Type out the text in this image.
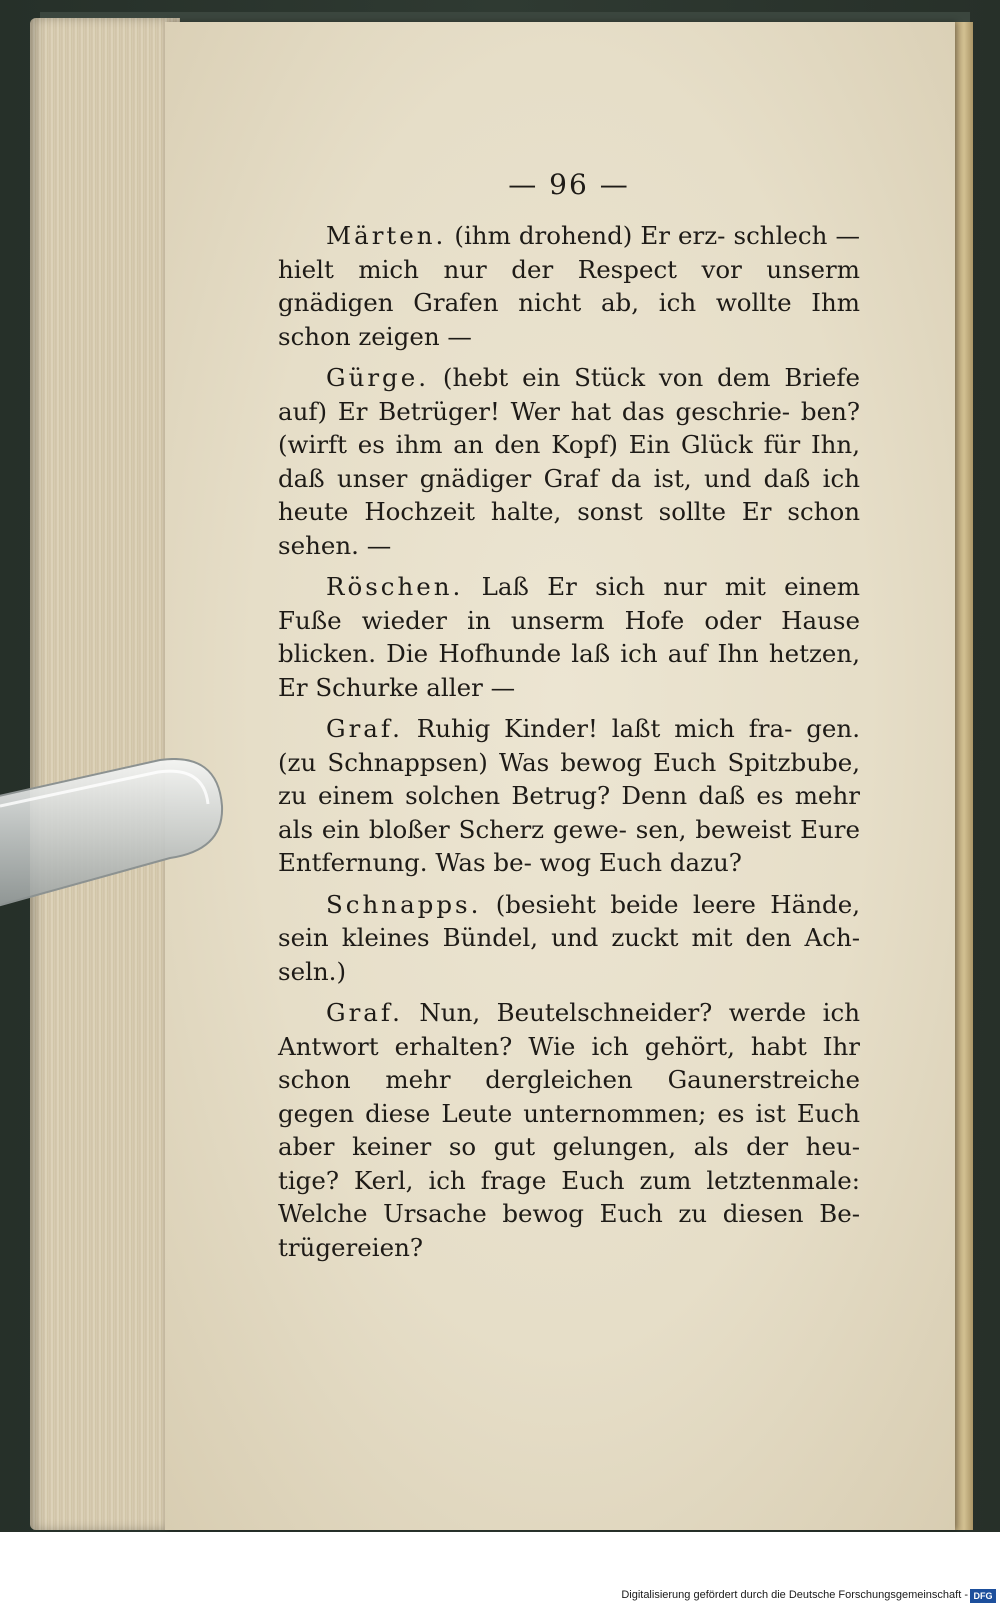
— 96 —

Märten. (ihm drohend) Er erz- schlech — hielt mich nur der Respect vor unserm gnädigen Grafen nicht ab, ich wollte Ihm schon zeigen —

Gürge. (hebt ein Stück von dem Briefe auf) Er Betrüger! Wer hat das geschrie- ben? (wirft es ihm an den Kopf) Ein Glück für Ihn, daß unser gnädiger Graf da ist, und daß ich heute Hochzeit halte, sonst sollte Er schon sehen. —

Röschen. Laß Er sich nur mit einem Fuße wieder in unserm Hofe oder Hause blicken. Die Hofhunde laß ich auf Ihn hetzen, Er Schurke aller —

Graf. Ruhig Kinder! laßt mich fra- gen. (zu Schnappsen) Was bewog Euch Spitzbube, zu einem solchen Betrug? Denn daß es mehr als ein bloßer Scherz gewe- sen, beweist Eure Entfernung. Was be- wog Euch dazu?

Schnapps. (besieht beide leere Hände, sein kleines Bündel, und zuckt mit den Ach- seln.)

Graf. Nun, Beutelschneider? werde ich Antwort erhalten? Wie ich gehört, habt Ihr schon mehr dergleichen Gaunerstreiche gegen diese Leute unternommen; es ist Euch aber keiner so gut gelungen, als der heu- tige? Kerl, ich frage Euch zum letztenmale: Welche Ursache bewog Euch zu diesen Be- trügereien?

Digitalisierung gefördert durch die Deutsche Forschungsgemeinschaft - DFG
